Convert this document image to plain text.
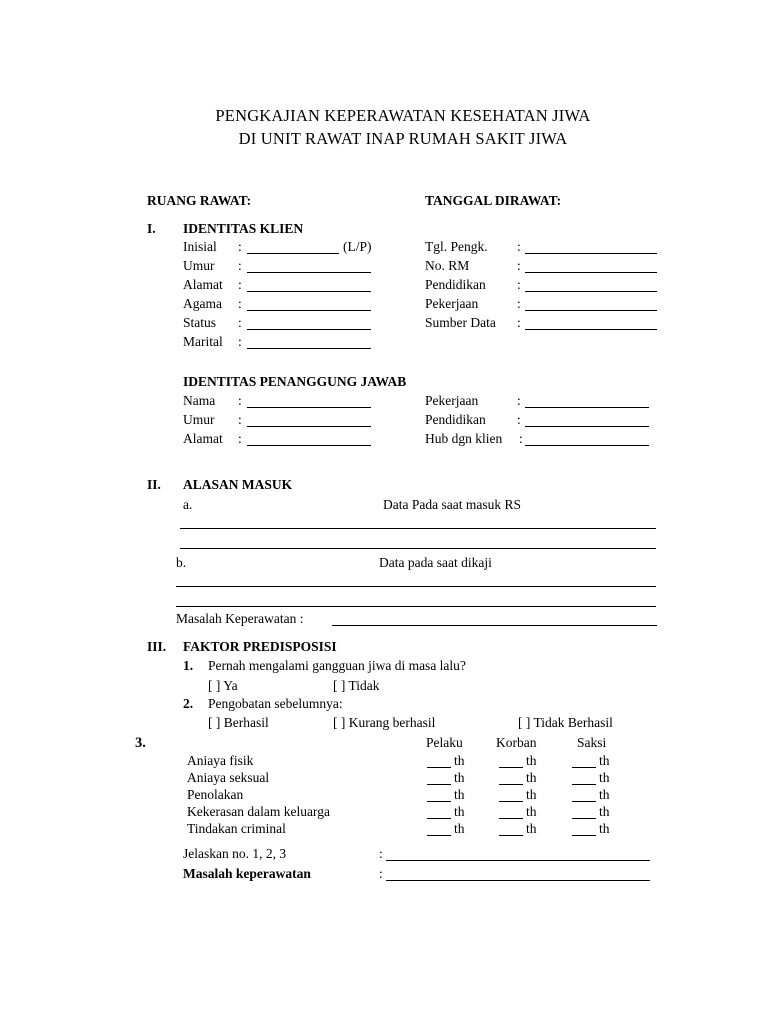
PENGKAJIAN KEPERAWATAN KESEHATAN JIWA
DI UNIT RAWAT INAP RUMAH SAKIT JIWA
RUANG RAWAT:	TANGGAL DIRAWAT:
I. IDENTITAS KLIEN
Inisial :	(L/P)
Umur :
Alamat :
Agama :
Status :
Marital :
Tgl. Pengk. :
No. RM	:
Pendidikan :
Pekerjaan	:
Sumber Data :
IDENTITAS PENANGGUNG JAWAB
Nama :
Umur :
Alamat :
Pekerjaan	:
Pendidikan :
Hub dgn klien :
II. ALASAN MASUK
a.	Data Pada saat masuk RS
b.	Data pada saat dikaji
Masalah Keperawatan :
III. FAKTOR PREDISPOSISI
1. Pernah mengalami gangguan jiwa di masa lalu?
[ ] Ya	[ ] Tidak
2. Pengobatan sebelumnya:
[ ] Berhasil	[ ] Kurang berhasil	[ ] Tidak Berhasil
3.	Pelaku Korban	Saksi
Aniaya fisik	th	th	th
Aniaya seksual	th	th	th
Penolakan	th	th	th
Kekerasan dalam keluarga	th	th	th
Tindakan criminal	th	th	th
Jelaskan no. 1, 2, 3	:
Masalah keperawatan	:
